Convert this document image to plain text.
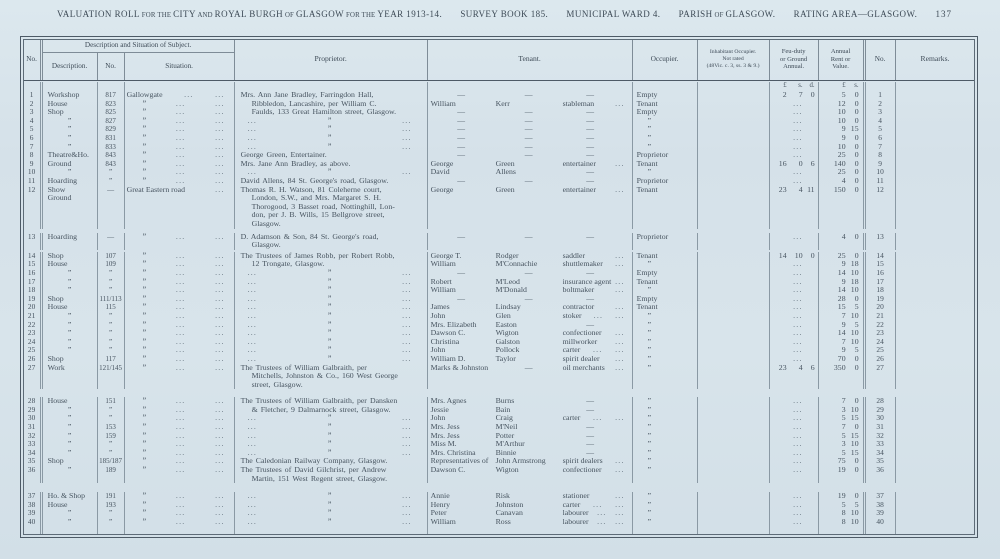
VALUATION ROLL FOR THE CITY AND ROYAL BURGH OF GLASGOW FOR THE YEAR 1913-14. SURVEY BOOK 185. MUNICIPAL WARD 4. PARISH OF GLASGOW. RATING AREA—GLASGOW. 137
No.
Description and Situation of Subject.
Description.	No.	Situation.
Proprietor.	Tenant.	Occupier.
Inhabitant Occupier.
Not rated
(48Vic. c. 3, ss. 3 & 9.)
Feu-duty
or Ground
Annual.
Annual
Rent or
Value.
No.	Remarks.
£	s.	d.	£	s.
1	Workshop	817	Gallowgate	...	...	Mrs. Ann Jane Bradley, Farringdon Hall,	—	—	—	Empty	2	7	0	5	0	1
2	House	823	”	...	...	Ribbledon, Lancashire, per William C.	William	Kerr	stableman	...	Tenant	...	12	0	2
3	Shop	825	”	...	...	Faulds, 133 Great Hamilton street, Glasgow.	—	—	—	Empty	...	10	0	3
4	”	827	”	...	...	...	”	...	—	—	—	”	...	10	0	4
5	”	829	”	...	...	...	”	...	—	—	—	”	...	9 15	5
6	”	831	”	...	...	...	”	...	—	—	—	”	...	9	0	6
7	”	833	”	...	...	...	”	...	—	—	—	”	...	10	0	7
8	Theatre&Ho.	843	”	...	...	George Green, Entertainer.	—	—	—	Proprietor	...	25	0	8
9	Ground	843	”	...	...	Mrs. Jane Ann Bradley, as above.	George	Green	entertainer ...	Tenant	16	0	6	140	0	9
10	”	”	”	...	...	...	”	...	David	Allens	—	”	...	25	0	10
11	Hoarding	”	”	...	...	David Allens, 84 St. George's road, Glasgow.	—	—	—	Proprietor	...	4	0	11
12	Show	—	Great Eastern road	...	Thomas R. H. Watson, 81 Coleherne court,	George	Green	entertainer ...	Tenant	23	4 11	150	0	12
Ground	London, S.W., and Mrs. Margaret S. H.
Thorogood, 3 Basset road, Nottinghill, Lon-
don, per J. B. Wills, 15 Bellgrove street,
Glasgow.
13	Hoarding	—	”	...	...	D. Adamson & Son, 84 St. George's road,	—	—	—	Proprietor	...	4	0	13
Glasgow.
14	Shop	107	”	...	...	The Trustees of James Robb, per Robert Robb,	George T.	Rodger	saddler	...	Tenant	14	10	0	25	0	14
15	House	109	”	...	...	12 Trongate, Glasgow.	William	M'Connachie	shuttlemaker ...	”	...	9 18	15
16	”	”	”	...	...	...	”	...	—	—	—	Empty	...	14 10	16
17	”	”	”	...	...	...	”	...	Robert	M'Leod	insurance agent ...	Tenant	...	9 18	17
18	”	”	”	...	...	...	”	...	William	M'Donald	boltmaker	...	”	...	14 10	18
19	Shop	111/113	”	...	...	...	”	...	—	—	—	Empty	...	28	0	19
20	House	115	”	...	...	...	”	...	James	Lindsay	contractor	...	Tenant	...	15	5	20
21	”	”	”	...	...	...	”	...	John	Glen	stoker ... ...	”	...	7 10	21
22	”	”	”	...	...	...	”	...	Mrs. Elizabeth	Easton	—	”	...	9	5	22
23	”	”	”	...	...	...	”	...	Dawson C.	Wigton	confectioner ...	”	...	14 10	23
24	”	”	”	...	...	...	”	...	Christina	Galston	millworker ...	”	...	7 10	24
25	”	”	”	...	...	...	”	...	John	Pollock	carter ... ...	”	...	9	5	25
26	Shop	117	”	...	...	...	”	...	William D.	Taylor	spirit dealer ...	”	...	70	0	26
27	Work	121/145	”	...	...	The Trustees of William Galbraith, per	Marks & Johnston	—	oil merchants ...	”	23	4	6	350	0	27
Mitchells, Johnston & Co., 160 West George
street, Glasgow.
28	House	151	”	...	...	The Trustees of William Galbraith, per Dansken	Mrs. Agnes	Burns	—	”	...	7	0	28
29	”	”	”	...	...	& Fletcher, 9 Dalmarnock street, Glasgow.	Jessie	Bain	—	”	...	3 10	29
30	”	”	”	...	...	...	”	...	John	Craig	carter ... ...	”	...	5 15	30
31	”	153	”	...	...	...	”	...	Mrs. Jess	M'Neil	—	”	...	7	0	31
32	”	159	”	...	...	...	”	...	Mrs. Jess	Potter	—	”	...	5 15	32
33	”	”	”	...	...	...	”	...	Miss M.	M'Arthur	—	”	...	3 10	33
34	”	”	”	...	...	...	”	...	Mrs. Christina	Binnie	—	”	...	5 15	34
35	Shop	185/187	”	...	...	The Caledonian Railway Company, Glasgow.	Representatives of John Armstrong	spirit dealers ...	”	...	75	0	35
36	”	189	”	...	...	The Trustees of David Gilchrist, per Andrew	Dawson C.	Wigton	confectioner ...	”	...	19	0	36
Martin, 151 West Regent street, Glasgow.
37	Ho. & Shop	191	”	...	...	...	”	...	Annie	Risk	stationer	...	”	...	19	0	37
38	House	193	”	...	...	...	”	...	Henry	Johnston	carter ... ...	”	...	5	5	38
39	”	”	”	...	...	...	”	...	Peter	Canavan	labourer ... ...	”	...	8 10	39
40	”	”	”	...	...	...	”	...	William	Ross	labourer ... ...	”	...	8 10	40
